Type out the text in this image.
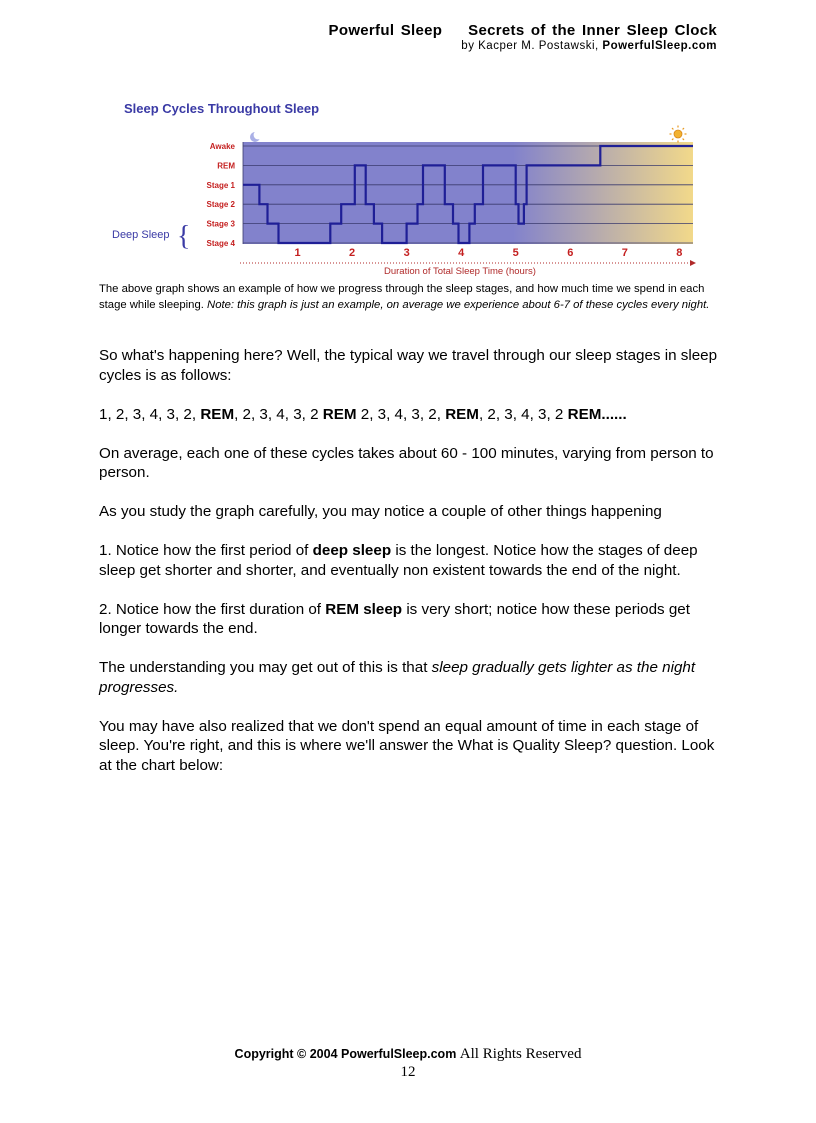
Powerful Sleep Secrets of the Inner Sleep Clock
by Kacper M. Postawski, PowerfulSleep.com
Sleep Cycles Throughout Sleep
Awake
REM
Stage 1
Stage 2
Stage 3
Stage 4
1	2	3	4	5	6	7	8
Deep Sleep {
Duration of Total Sleep Time (hours)
The above graph shows an example of how we progress through the sleep stages, and how much time we spend in each stage while sleeping. Note: this graph is just an example, on average we experience about 6-7 of these cycles every night.

So what's happening here? Well, the typical way we travel through our sleep stages in sleep cycles is as follows:

1, 2, 3, 4, 3, 2, REM, 2, 3, 4, 3, 2 REM 2, 3, 4, 3, 2, REM, 2, 3, 4, 3, 2 REM......

On average, each one of these cycles takes about 60 - 100 minutes, varying from person to person.

As you study the graph carefully, you may notice a couple of other things happening

1. Notice how the first period of deep sleep is the longest. Notice how the stages of deep sleep get shorter and shorter, and eventually non existent towards the end of the night.

2. Notice how the first duration of REM sleep is very short; notice how these periods get longer towards the end.

The understanding you may get out of this is that sleep gradually gets lighter as the night progresses.

You may have also realized that we don't spend an equal amount of time in each stage of sleep. You're right, and this is where we'll answer the What is Quality Sleep? question. Look at the chart below:

Copyright © 2004 PowerfulSleep.com All Rights Reserved
12
